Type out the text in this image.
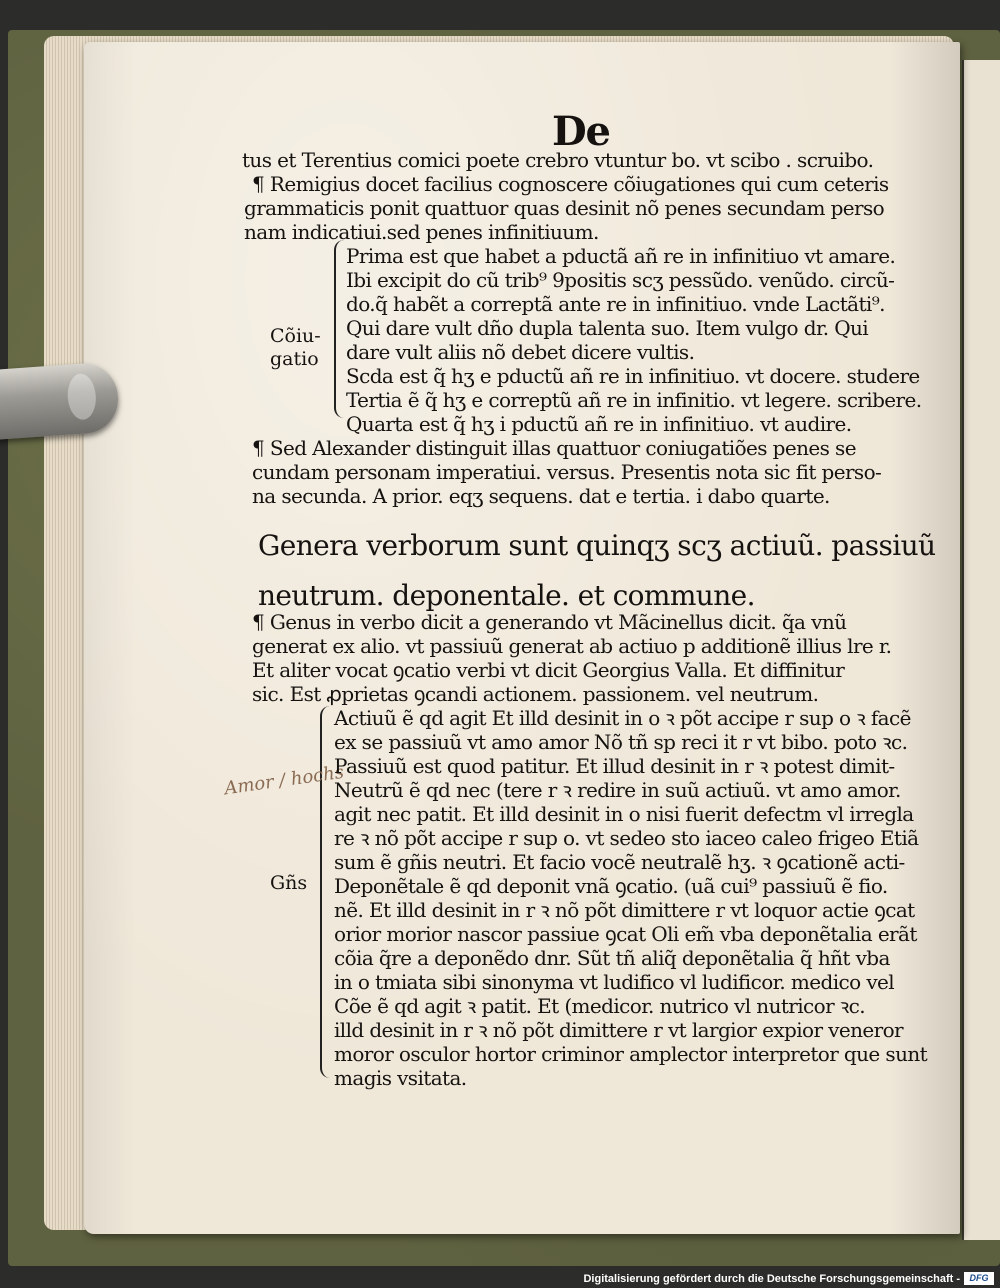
De
tus et Terentius comici poete crebro vtuntur bo. vt scibo . scruibo.
¶ Remigius docet facilius cognoscere cõiugationes qui cum ceteris
grammaticis ponit quattuor quas desinit nõ penes secundam perso
nam indicatiui.sed penes infinitiuum.
Cõiu-
gatio
Prima est que habet a pductã añ re in infinitiuo vt amare.
Ibi excipit do cũ trib⁹ 9positis scʒ pessũdo. venũdo. circũ-
do.q̃ habẽt a correptã ante re in infinitiuo. vnde Lactãti⁹.
Qui dare vult dño dupla talenta suo. Item vulgo dr. Qui
dare vult aliis nõ debet dicere vultis.
Scda est q̃ hʒ e pductũ añ re in infinitiuo. vt docere. studere
Tertia ẽ q̃ hʒ e correptũ añ re in infinitio. vt legere. scribere.
Quarta est q̃ hʒ i pductũ añ re in infinitiuo. vt audire.
¶ Sed Alexander distinguit illas quattuor coniugatiões penes se
cundam personam imperatiui. versus. Presentis nota sic fit perso-
na secunda. A prior. eqʒ sequens. dat e tertia. i dabo quarte.
Genera verborum sunt quinqʒ scʒ actiuũ. passiuũ
neutrum. deponentale. et commune.
¶ Genus in verbo dicit a generando vt Mãcinellus dicit. q̃a vnũ
generat ex alio. vt passiuũ generat ab actiuo p additionẽ illius lre r.
Et aliter vocat ꝯcatio verbi vt dicit Georgius Valla. Et diffinitur
sic. Est ꝓprietas ꝯcandi actionem. passionem. vel neutrum.
Amor / hochs
Gñs
Actiuũ ẽ qd agit Et illd desinit in o ꝛ põt accipe r sup o ꝛ facẽ
ex se passiuũ vt amo amor Nõ tñ sp reci it r vt bibo. poto ꝛc.
Passiuũ est quod patitur. Et illud desinit in r ꝛ potest dimit-
Neutrũ ẽ qd nec (tere r ꝛ redire in suũ actiuũ. vt amo amor.
agit nec patit. Et illd desinit in o nisi fuerit defectm vl irregla
re ꝛ nõ põt accipe r sup o. vt sedeo sto iaceo caleo frigeo Etiã
sum ẽ gñis neutri. Et facio vocẽ neutralẽ hʒ. ꝛ ꝯcationẽ acti-
Deponẽtale ẽ qd deponit vnã ꝯcatio. (uã cui⁹ passiuũ ẽ fio.
nẽ. Et illd desinit in r ꝛ nõ põt dimittere r vt loquor actie ꝯcat
orior morior nascor passiue ꝯcat Oli em̃ vba deponẽtalia erãt
cõia q̃re a deponẽdo dnr. Sũt tñ aliq̃ deponẽtalia q̃ hñt vba
in o tmiata sibi sinonyma vt ludifico vl ludificor. medico vel
Cõe ẽ qd agit ꝛ patit. Et (medicor. nutrico vl nutricor ꝛc.
illd desinit in r ꝛ nõ põt dimittere r vt largior expior veneror
moror osculor hortor criminor amplector interpretor que sunt
magis vsitata.
Digitalisierung gefördert durch die Deutsche Forschungsgemeinschaft -	DFG
